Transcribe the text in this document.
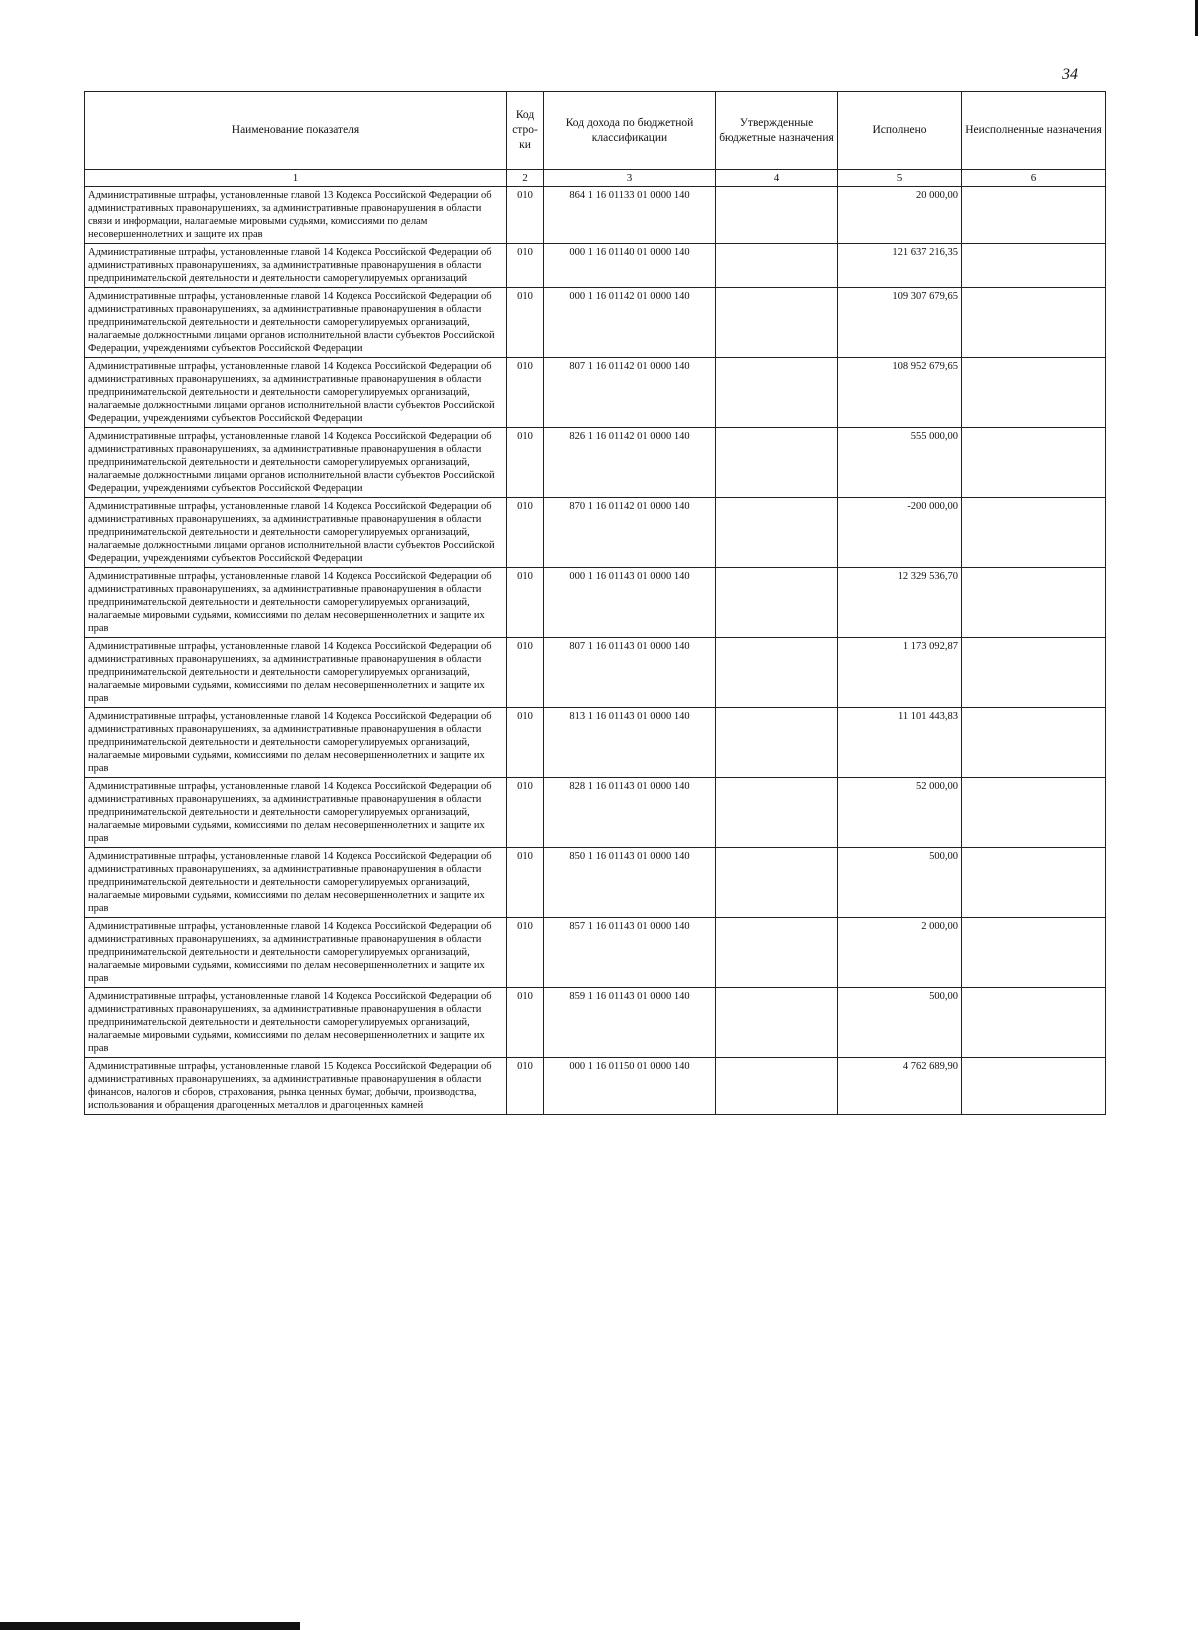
34
Наименование показателя	Код стро- ки	Код дохода по бюджетной классификации	Утвержденные бюджетные назначения	Исполнено	Неисполненные назначения
1	2	3	4	5	6
Административные штрафы, установленные главой 13 Кодекса Российской Федерации об административных правонарушениях, за административные правонарушения в области связи и информации, налагаемые мировыми судьями, комиссиями по делам несовершеннолетних и защите их прав	010	864 1 16 01133 01 0000 140		20 000,00	
Административные штрафы, установленные главой 14 Кодекса Российской Федерации об административных правонарушениях, за административные правонарушения в области предпринимательской деятельности и деятельности саморегулируемых организаций	010	000 1 16 01140 01 0000 140		121 637 216,35	
Административные штрафы, установленные главой 14 Кодекса Российской Федерации об административных правонарушениях, за административные правонарушения в области предпринимательской деятельности и деятельности саморегулируемых организаций, налагаемые должностными лицами органов исполнительной власти субъектов Российской Федерации, учреждениями субъектов Российской Федерации	010	000 1 16 01142 01 0000 140		109 307 679,65	
Административные штрафы, установленные главой 14 Кодекса Российской Федерации об административных правонарушениях, за административные правонарушения в области предпринимательской деятельности и деятельности саморегулируемых организаций, налагаемые должностными лицами органов исполнительной власти субъектов Российской Федерации, учреждениями субъектов Российской Федерации	010	807 1 16 01142 01 0000 140		108 952 679,65	
Административные штрафы, установленные главой 14 Кодекса Российской Федерации об административных правонарушениях, за административные правонарушения в области предпринимательской деятельности и деятельности саморегулируемых организаций, налагаемые должностными лицами органов исполнительной власти субъектов Российской Федерации, учреждениями субъектов Российской Федерации	010	826 1 16 01142 01 0000 140		555 000,00	
Административные штрафы, установленные главой 14 Кодекса Российской Федерации об административных правонарушениях, за административные правонарушения в области предпринимательской деятельности и деятельности саморегулируемых организаций, налагаемые должностными лицами органов исполнительной власти субъектов Российской Федерации, учреждениями субъектов Российской Федерации	010	870 1 16 01142 01 0000 140		-200 000,00	
Административные штрафы, установленные главой 14 Кодекса Российской Федерации об административных правонарушениях, за административные правонарушения в области предпринимательской деятельности и деятельности саморегулируемых организаций, налагаемые мировыми судьями, комиссиями по делам несовершеннолетних и защите их прав	010	000 1 16 01143 01 0000 140		12 329 536,70	
Административные штрафы, установленные главой 14 Кодекса Российской Федерации об административных правонарушениях, за административные правонарушения в области предпринимательской деятельности и деятельности саморегулируемых организаций, налагаемые мировыми судьями, комиссиями по делам несовершеннолетних и защите их прав	010	807 1 16 01143 01 0000 140		1 173 092,87	
Административные штрафы, установленные главой 14 Кодекса Российской Федерации об административных правонарушениях, за административные правонарушения в области предпринимательской деятельности и деятельности саморегулируемых организаций, налагаемые мировыми судьями, комиссиями по делам несовершеннолетних и защите их прав	010	813 1 16 01143 01 0000 140		11 101 443,83	
Административные штрафы, установленные главой 14 Кодекса Российской Федерации об административных правонарушениях, за административные правонарушения в области предпринимательской деятельности и деятельности саморегулируемых организаций, налагаемые мировыми судьями, комиссиями по делам несовершеннолетних и защите их прав	010	828 1 16 01143 01 0000 140		52 000,00	
Административные штрафы, установленные главой 14 Кодекса Российской Федерации об административных правонарушениях, за административные правонарушения в области предпринимательской деятельности и деятельности саморегулируемых организаций, налагаемые мировыми судьями, комиссиями по делам несовершеннолетних и защите их прав	010	850 1 16 01143 01 0000 140		500,00	
Административные штрафы, установленные главой 14 Кодекса Российской Федерации об административных правонарушениях, за административные правонарушения в области предпринимательской деятельности и деятельности саморегулируемых организаций, налагаемые мировыми судьями, комиссиями по делам несовершеннолетних и защите их прав	010	857 1 16 01143 01 0000 140		2 000,00	
Административные штрафы, установленные главой 14 Кодекса Российской Федерации об административных правонарушениях, за административные правонарушения в области предпринимательской деятельности и деятельности саморегулируемых организаций, налагаемые мировыми судьями, комиссиями по делам несовершеннолетних и защите их прав	010	859 1 16 01143 01 0000 140		500,00	
Административные штрафы, установленные главой 15 Кодекса Российской Федерации об административных правонарушениях, за административные правонарушения в области финансов, налогов и сборов, страхования, рынка ценных бумаг, добычи, производства, использования и обращения драгоценных металлов и драгоценных камней	010	000 1 16 01150 01 0000 140		4 762 689,90	
